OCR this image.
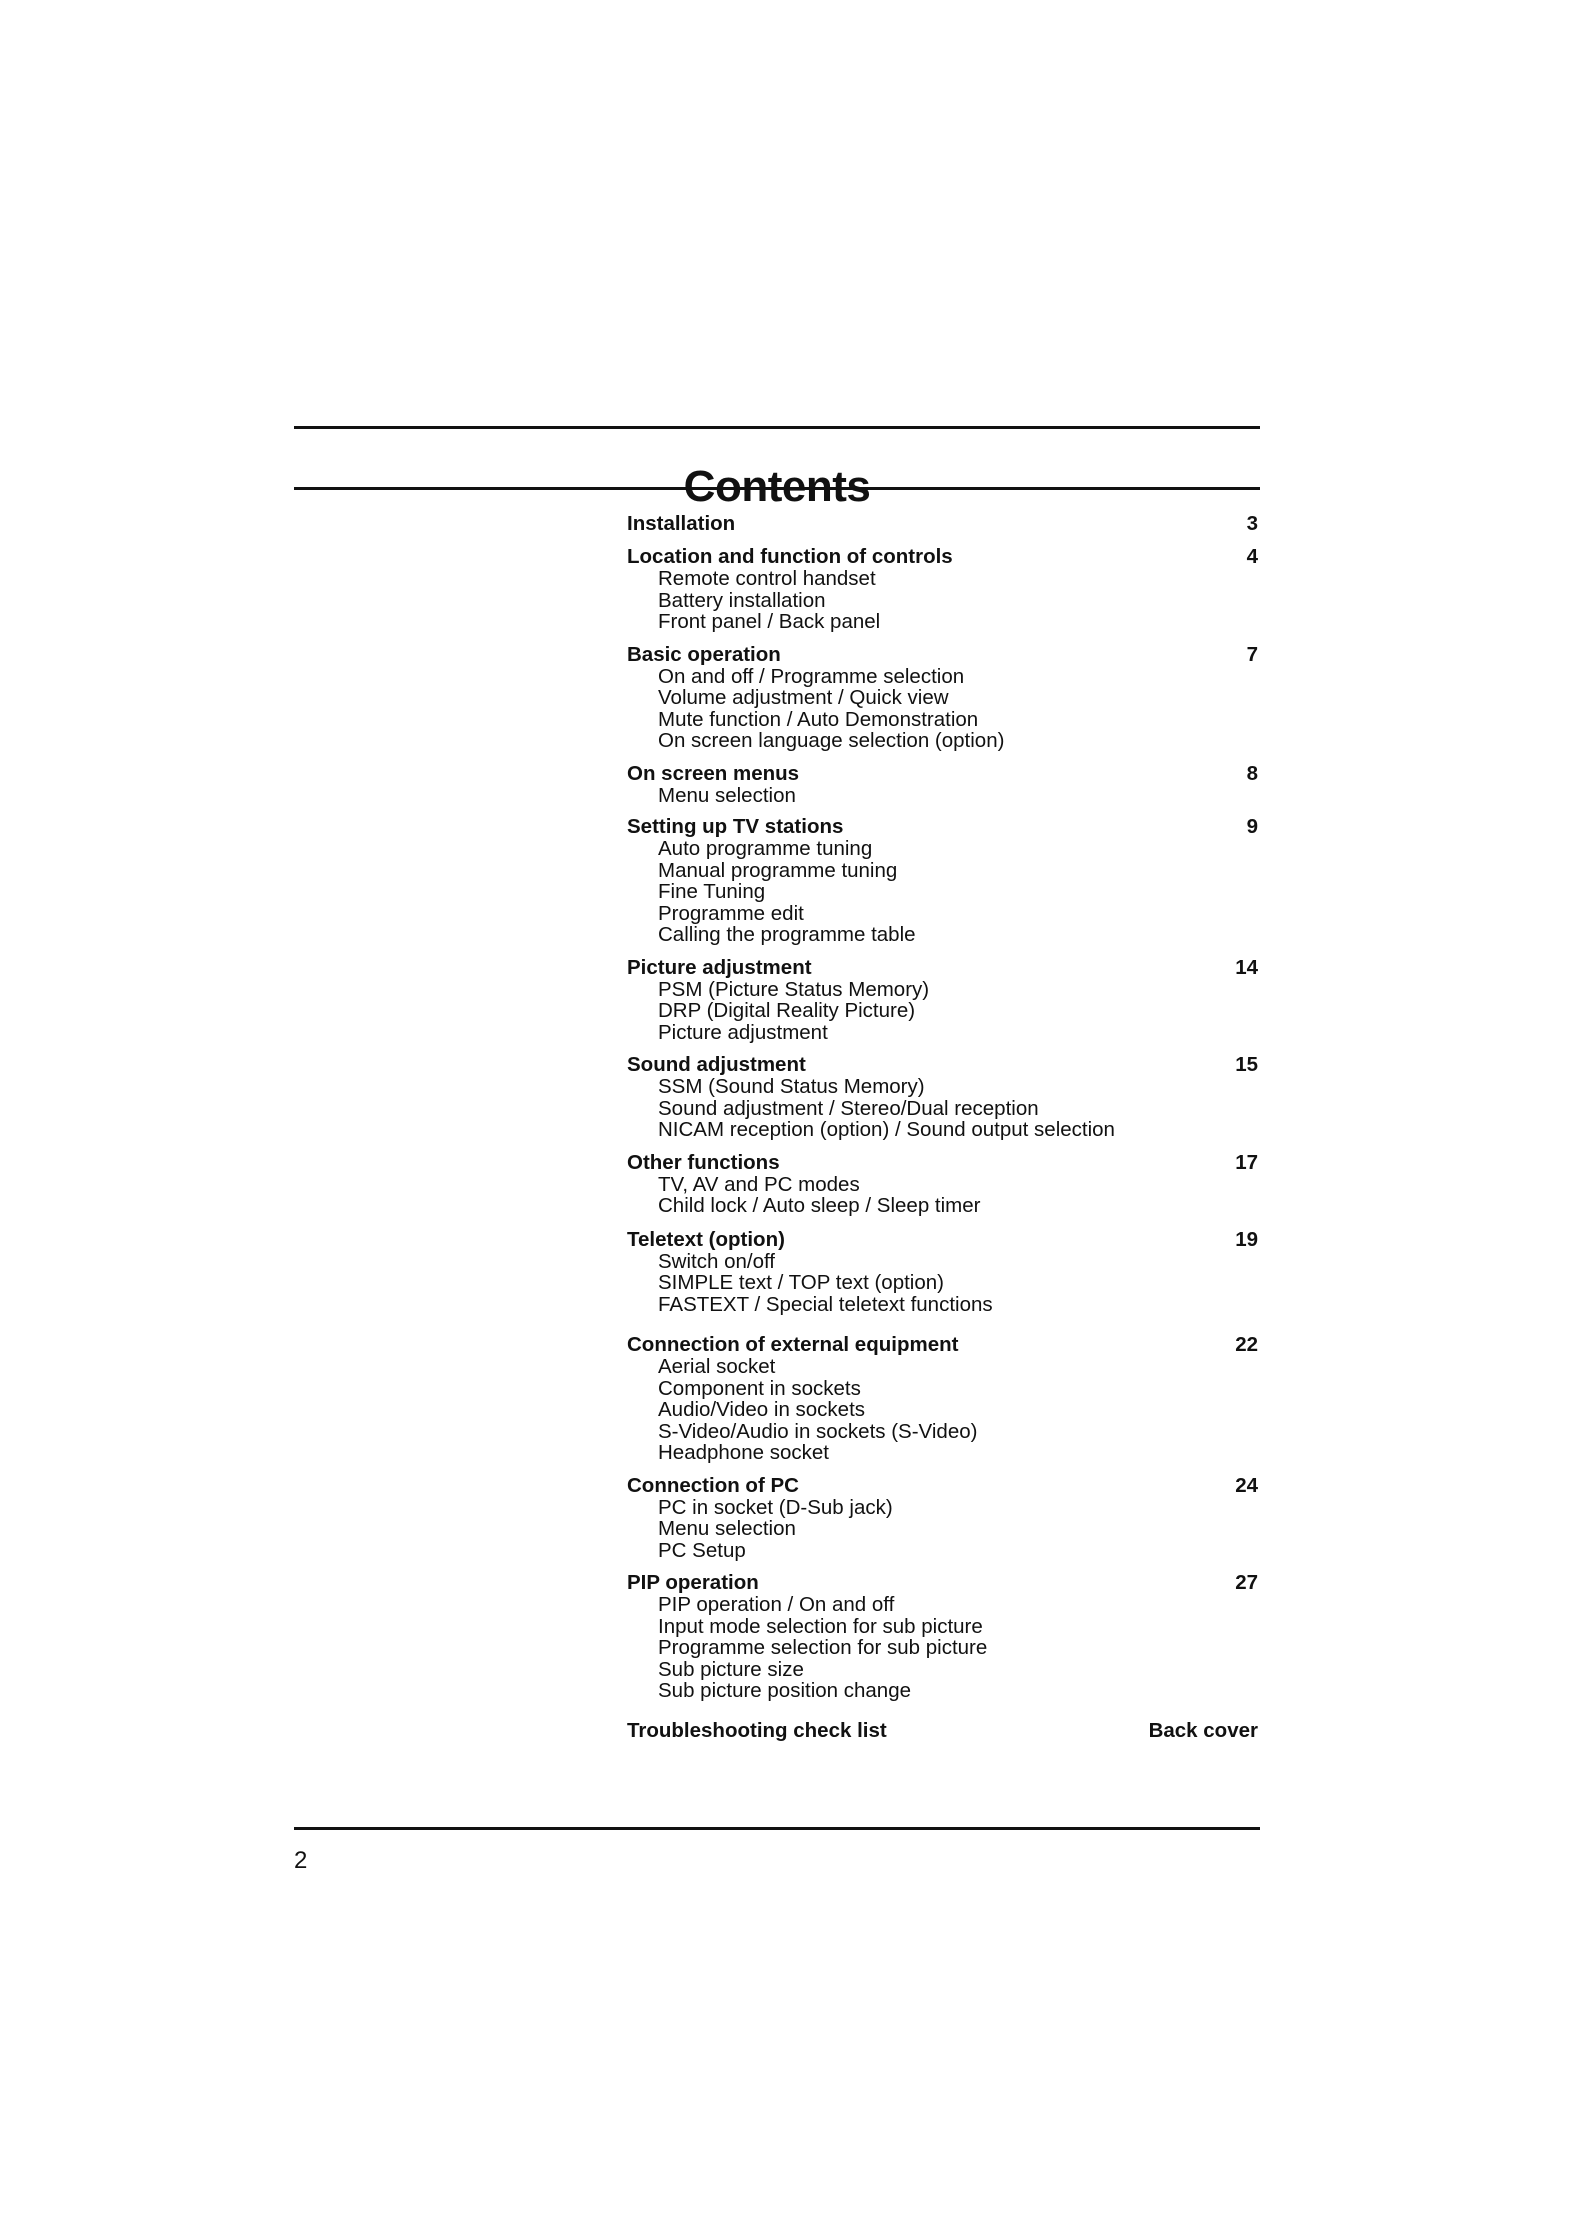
Contents
Installation	3
Location and function of controls	4
Remote control handset
Battery installation
Front panel / Back panel
Basic operation	7
On and off / Programme selection
Volume adjustment / Quick view
Mute function / Auto Demonstration
On screen language selection (option)
On screen menus	8
Menu selection
Setting up TV stations	9
Auto programme tuning
Manual programme tuning
Fine Tuning
Programme edit
Calling the programme table
Picture adjustment	14
PSM (Picture Status Memory)
DRP (Digital Reality Picture)
Picture adjustment
Sound adjustment	15
SSM (Sound Status Memory)
Sound adjustment / Stereo/Dual reception
NICAM reception (option) / Sound output selection
Other functions	17
TV, AV and PC modes
Child lock / Auto sleep / Sleep timer
Teletext (option)	19
Switch on/off
SIMPLE text / TOP text (option)
FASTEXT / Special teletext functions
Connection of external equipment	22
Aerial socket
Component in sockets
Audio/Video in sockets
S-Video/Audio in sockets (S-Video)
Headphone socket
Connection of PC	24
PC in socket (D-Sub jack)
Menu selection
PC Setup
PIP operation	27
PIP operation / On and off
Input mode selection for sub picture
Programme selection for sub picture
Sub picture size
Sub picture position change
Troubleshooting check list	Back cover
2
